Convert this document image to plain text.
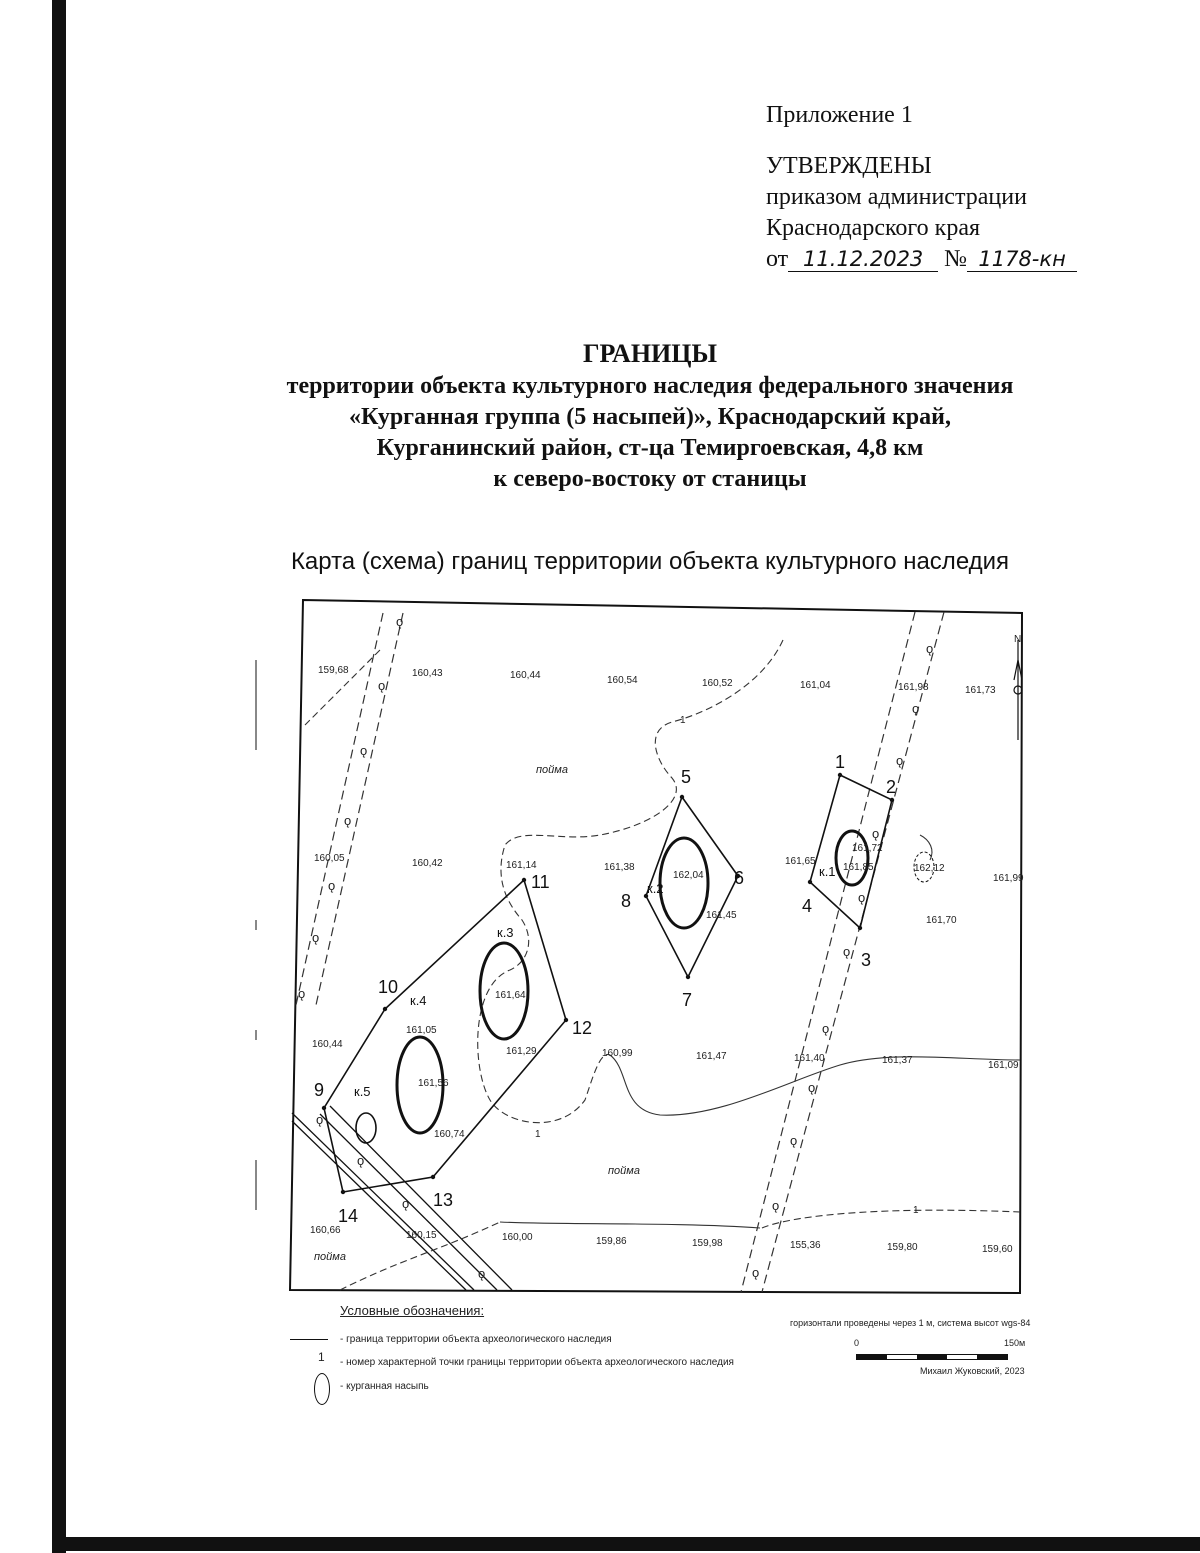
Приложение 1
УТВЕРЖДЕНЫ
приказом администрации
Краснодарского края
от 11.12.2023 № 1178-кн
ГРАНИЦЫ
территории объекта культурного наследия федерального значения
«Курганная группа (5 насыпей)», Краснодарский край,
Курганинский район, ст-ца Темиргоевская, 4,8 км
к северо-востоку от станицы
Карта (схема) границ территории объекта культурного наследия
N
ǫ
ǫ
ǫ
ǫ
ǫ
ǫ
ǫ
ǫ
ǫ
ǫ
ǫ
ǫ
ǫ
ǫ
ǫ
ǫ
ǫ
ǫ
ǫ
ǫ
ǫ
ǫ
159,68	160,43	160,44	160,54	160,52	161,04	161,98	161,73
160,05	160,42	161,14	161,38
162,04
161,45
161,65
161,72
161,85	162,12
161,99
161,70
161,64
160,44
161,05
161,29	160,99	161,47	161,40	161,37	161,09
161,56
160,74
160,66	160,15	160,00	159,86	159,98	155,36	159,80	159,60
1
2
3
4
5
6
7
8
9
10
11
12
13
14
к.1
к.2
к.3
к.4
к.5
пойма
пойма
пойма
1
1
1
Условные обозначения:
- граница территории объекта археологического наследия
1 - номер характерной точки границы территории объекта археологического наследия
- курганная насыпь
горизонтали проведены через 1 м, система высот wgs-84
0	150м
Михаил Жуковский, 2023
